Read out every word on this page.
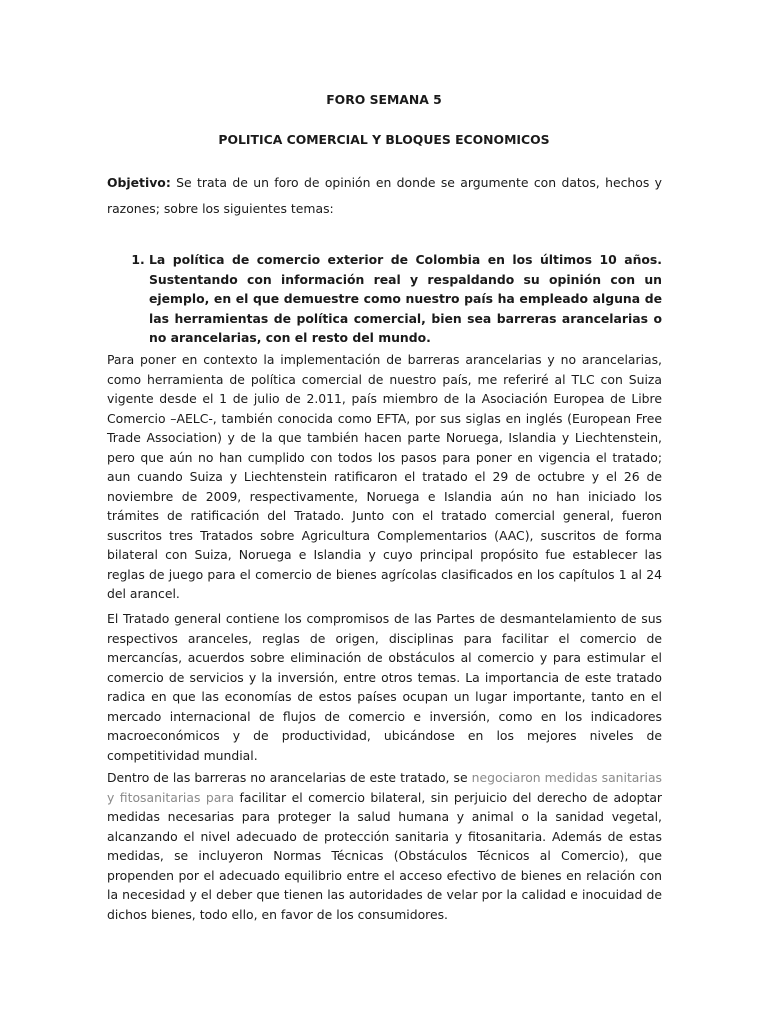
FORO SEMANA 5
POLITICA COMERCIAL Y BLOQUES ECONOMICOS

Objetivo: Se trata de un foro de opinión en donde se argumente con datos, hechos y razones; sobre los siguientes temas:

1. La política de comercio exterior de Colombia en los últimos 10 años. Sustentando con información real y respaldando su opinión con un ejemplo, en el que demuestre como nuestro país ha empleado alguna de las herramientas de política comercial, bien sea barreras arancelarias o no arancelarias, con el resto del mundo.

Para poner en contexto la implementación de barreras arancelarias y no arancelarias, como herramienta de política comercial de nuestro país, me referiré al TLC con Suiza vigente desde el 1 de julio de 2.011, país miembro de la Asociación Europea de Libre Comercio –AELC-, también conocida como EFTA, por sus siglas en inglés (European Free Trade Association) y de la que también hacen parte Noruega, Islandia y Liechtenstein, pero que aún no han cumplido con todos los pasos para poner en vigencia el tratado; aun cuando Suiza y Liechtenstein ratificaron el tratado el 29 de octubre y el 26 de noviembre de 2009, respectivamente, Noruega e Islandia aún no han iniciado los trámites de ratificación del Tratado. Junto con el tratado comercial general, fueron suscritos tres Tratados sobre Agricultura Complementarios (AAC), suscritos de forma bilateral con Suiza, Noruega e Islandia y cuyo principal propósito fue establecer las reglas de juego para el comercio de bienes agrícolas clasificados en los capítulos 1 al 24 del arancel.

El Tratado general contiene los compromisos de las Partes de desmantelamiento de sus respectivos aranceles, reglas de origen, disciplinas para facilitar el comercio de mercancías, acuerdos sobre eliminación de obstáculos al comercio y para estimular el comercio de servicios y la inversión, entre otros temas. La importancia de este tratado radica en que las economías de estos países ocupan un lugar importante, tanto en el mercado internacional de flujos de comercio e inversión, como en los indicadores macroeconómicos y de productividad, ubicándose en los mejores niveles de competitividad mundial.

Dentro de las barreras no arancelarias de este tratado, se negociaron medidas sanitarias y fitosanitarias para facilitar el comercio bilateral, sin perjuicio del derecho de adoptar medidas necesarias para proteger la salud humana y animal o la sanidad vegetal, alcanzando el nivel adecuado de protección sanitaria y fitosanitaria. Además de estas medidas, se incluyeron Normas Técnicas (Obstáculos Técnicos al Comercio), que propenden por el adecuado equilibrio entre el acceso efectivo de bienes en relación con la necesidad y el deber que tienen las autoridades de velar por la calidad e inocuidad de dichos bienes, todo ello, en favor de los consumidores.
